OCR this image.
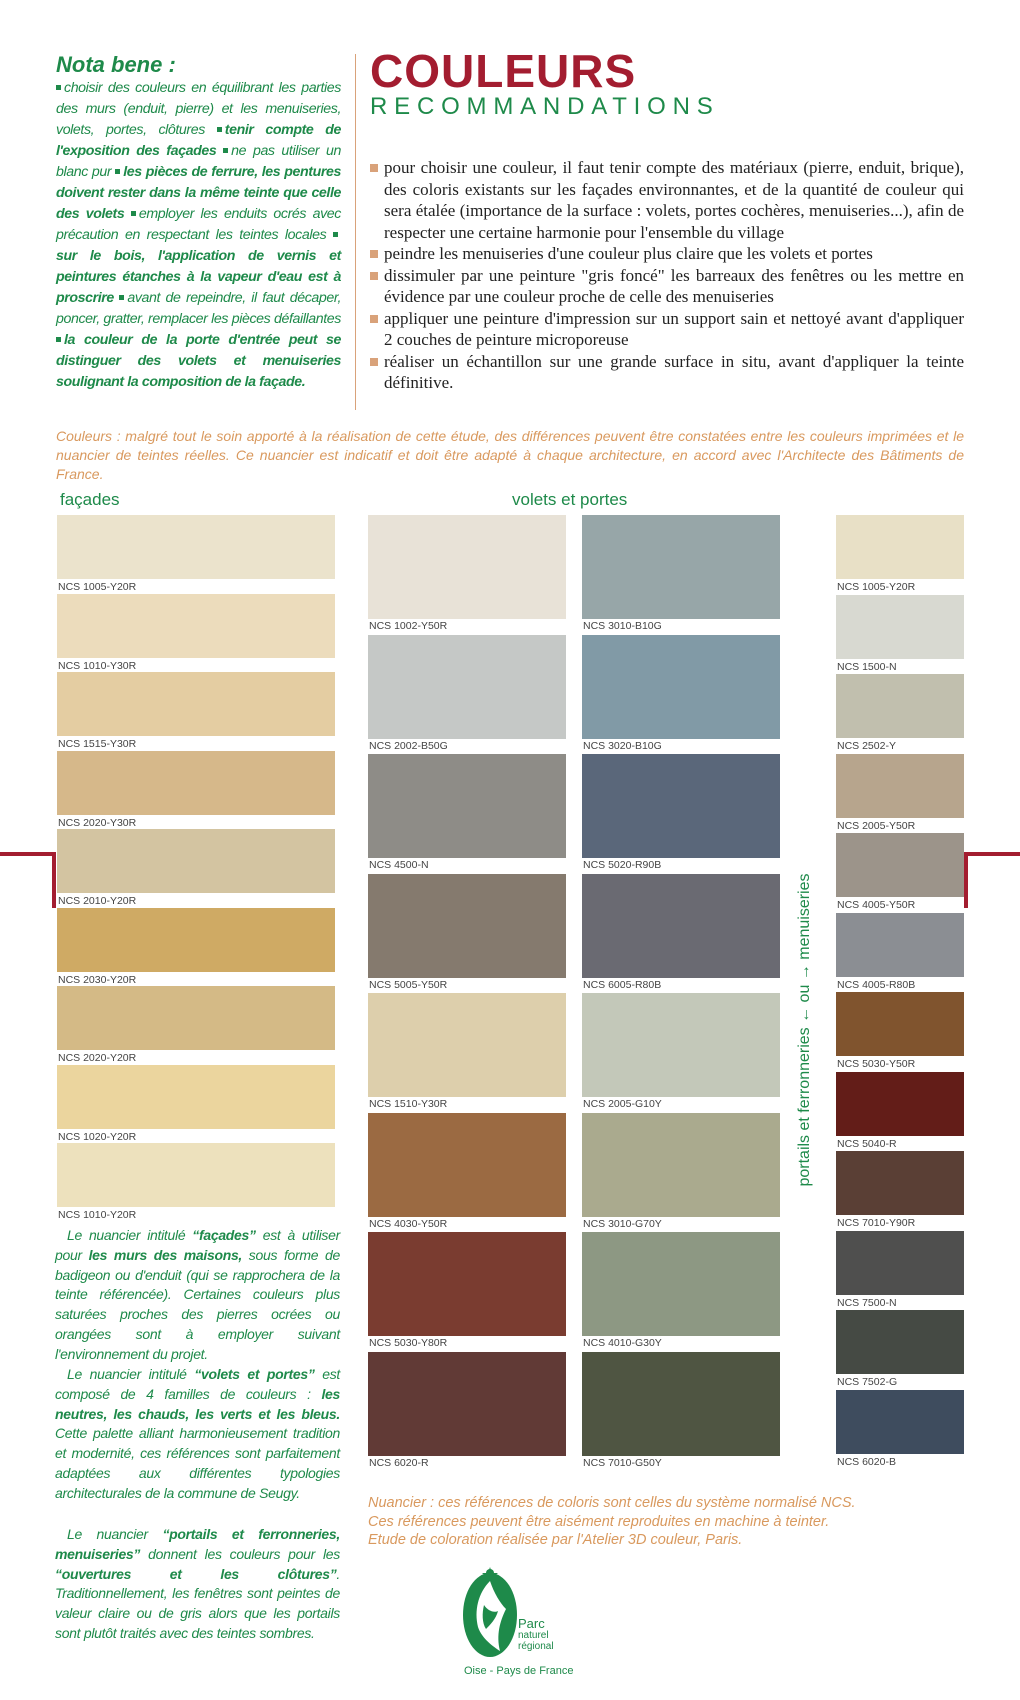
Nota bene :
choisir des couleurs en équilibrant les parties des murs (enduit, pierre) et les menuiseries, volets, portes, clôtures tenir compte de l'exposition des façades ne pas utiliser un blanc pur les pièces de ferrure, les pentures doivent rester dans la même teinte que celle des volets employer les enduits ocrés avec précaution en respectant les teintes locales sur le bois, l'application de vernis et peintures étanches à la vapeur d'eau est à proscrire avant de repeindre, il faut décaper, poncer, gratter, remplacer les pièces défaillantes la couleur de la porte d'entrée peut se distinguer des volets et menuiseries soulignant la composition de la façade.
COULEURS
RECOMMANDATIONS
pour choisir une couleur, il faut tenir compte des matériaux (pierre, enduit, brique), des coloris existants sur les façades environnantes, et de la quantité de couleur qui sera étalée (importance de la surface : volets, portes cochères, menuiseries...), afin de respecter une certaine harmonie pour l'ensemble du village
peindre les menuiseries d'une couleur plus claire que les volets et portes
dissimuler par une peinture "gris foncé" les barreaux des fenêtres ou les mettre en évidence par une couleur proche de celle des menuiseries
appliquer une peinture d'impression sur un support sain et nettoyé avant d'appliquer 2 couches de peinture microporeuse
réaliser un échantillon sur une grande surface in situ, avant d'appliquer la teinte définitive.
Couleurs : malgré tout le soin apporté à la réalisation de cette étude, des différences peuvent être constatées entre les couleurs imprimées et le nuancier de teintes réelles. Ce nuancier est indicatif et doit être adapté à chaque architecture, en accord avec l'Architecte des Bâtiments de France.
façades	volets et portes
NCS 1005-Y20R
NCS 1010-Y30R
NCS 1515-Y30R
NCS 2020-Y30R
NCS 2010-Y20R
NCS 2030-Y20R
NCS 2020-Y20R
NCS 1020-Y20R
NCS 1010-Y20R
NCS 1002-Y50R
NCS 2002-B50G
NCS 4500-N
NCS 5005-Y50R
NCS 1510-Y30R
NCS 4030-Y50R
NCS 5030-Y80R
NCS 6020-R
NCS 3010-B10G
NCS 3020-B10G
NCS 5020-R90B
NCS 6005-R80B
NCS 2005-G10Y
NCS 3010-G70Y
NCS 4010-G30Y
NCS 7010-G50Y
NCS 1005-Y20R
NCS 1500-N
NCS 2502-Y
NCS 2005-Y50R
NCS 4005-Y50R
NCS 4005-R80B
NCS 5030-Y50R
NCS 5040-R
NCS 7010-Y90R
NCS 7500-N
NCS 7502-G
NCS 6020-B
portails et ferronneries ← ou → menuiseries
Le nuancier intitulé “façades” est à utiliser pour les murs des maisons, sous forme de badigeon ou d'enduit (qui se rapprochera de la teinte référencée). Certaines couleurs plus saturées proches des pierres ocrées ou orangées sont à employer suivant l'environnement du projet.
Le nuancier intitulé “volets et portes” est composé de 4 familles de couleurs : les neutres, les chauds, les verts et les bleus. Cette palette alliant harmonieusement tradition et modernité, ces références sont parfaitement adaptées aux différentes typologies architecturales de la commune de Seugy.
Le nuancier “portails et ferronneries, menuiseries” donnent les couleurs pour les “ouvertures et les clôtures”. Traditionnellement, les fenêtres sont peintes de valeur claire ou de gris alors que les portails sont plutôt traités avec des teintes sombres.
Nuancier : ces références de coloris sont celles du système normalisé NCS.
Ces références peuvent être aisément reproduites en machine à teinter.
Etude de coloration réalisée par l'Atelier 3D couleur, Paris.
Parc
naturel
régional
Oise - Pays de France
